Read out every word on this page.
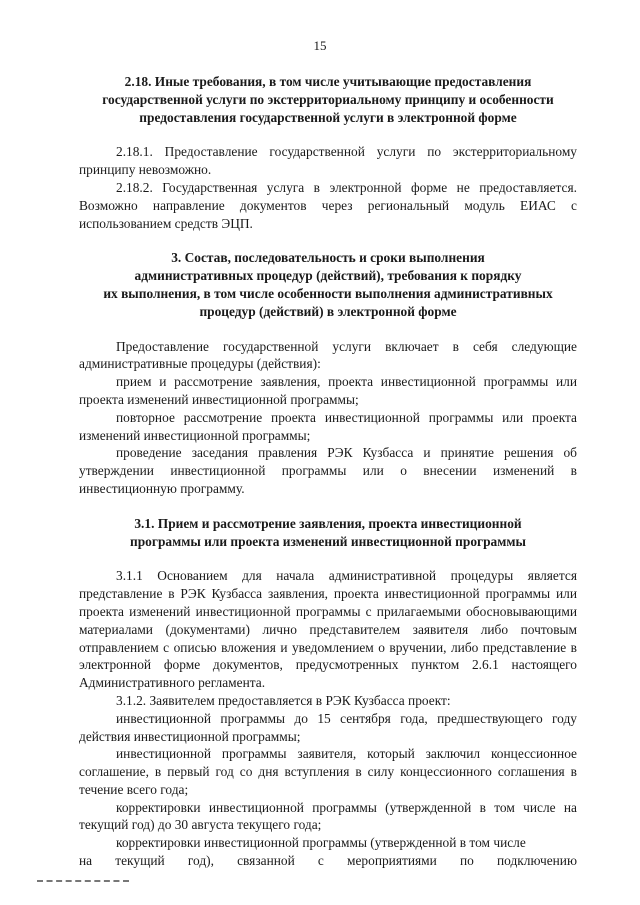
15
2.18. Иные требования, в том числе учитывающие предоставления
государственной услуги по экстерриториальному принципу и особенности
предоставления государственной услуги в электронной форме

2.18.1. Предоставление государственной услуги по экстерриториальному принципу невозможно.

2.18.2. Государственная услуга в электронной форме не предоставляется. Возможно направление документов через региональный модуль ЕИАС с использованием средств ЭЦП.

3. Состав, последовательность и сроки выполнения
административных процедур (действий), требования к порядку
их выполнения, в том числе особенности выполнения административных
процедур (действий) в электронной форме

Предоставление государственной услуги включает в себя следующие административные процедуры (действия):

прием и рассмотрение заявления, проекта инвестиционной программы или проекта изменений инвестиционной программы;

повторное рассмотрение проекта инвестиционной программы или проекта изменений инвестиционной программы;

проведение заседания правления РЭК Кузбасса и принятие решения об утверждении инвестиционной программы или о внесении изменений в инвестиционную программу.

3.1. Прием и рассмотрение заявления, проекта инвестиционной
программы или проекта изменений инвестиционной программы

3.1.1 Основанием для начала административной процедуры является представление в РЭК Кузбасса заявления, проекта инвестиционной программы или проекта изменений инвестиционной программы с прилагаемыми обосновывающими материалами (документами) лично представителем заявителя либо почтовым отправлением с описью вложения и уведомлением о вручении, либо представление в электронной форме документов, предусмотренных пунктом 2.6.1 настоящего Административного регламента.

3.1.2. Заявителем предоставляется в РЭК Кузбасса проект:

инвестиционной программы до 15 сентября года, предшествующего году действия инвестиционной программы;

инвестиционной программы заявителя, который заключил концессионное соглашение, в первый год со дня вступления в силу концессионного соглашения в течение всего года;

корректировки инвестиционной программы (утвержденной в том числе на текущий год) до 30 августа текущего года;

корректировки инвестиционной программы (утвержденной в том числе

на текущий год), связанной с мероприятиями по подключению
